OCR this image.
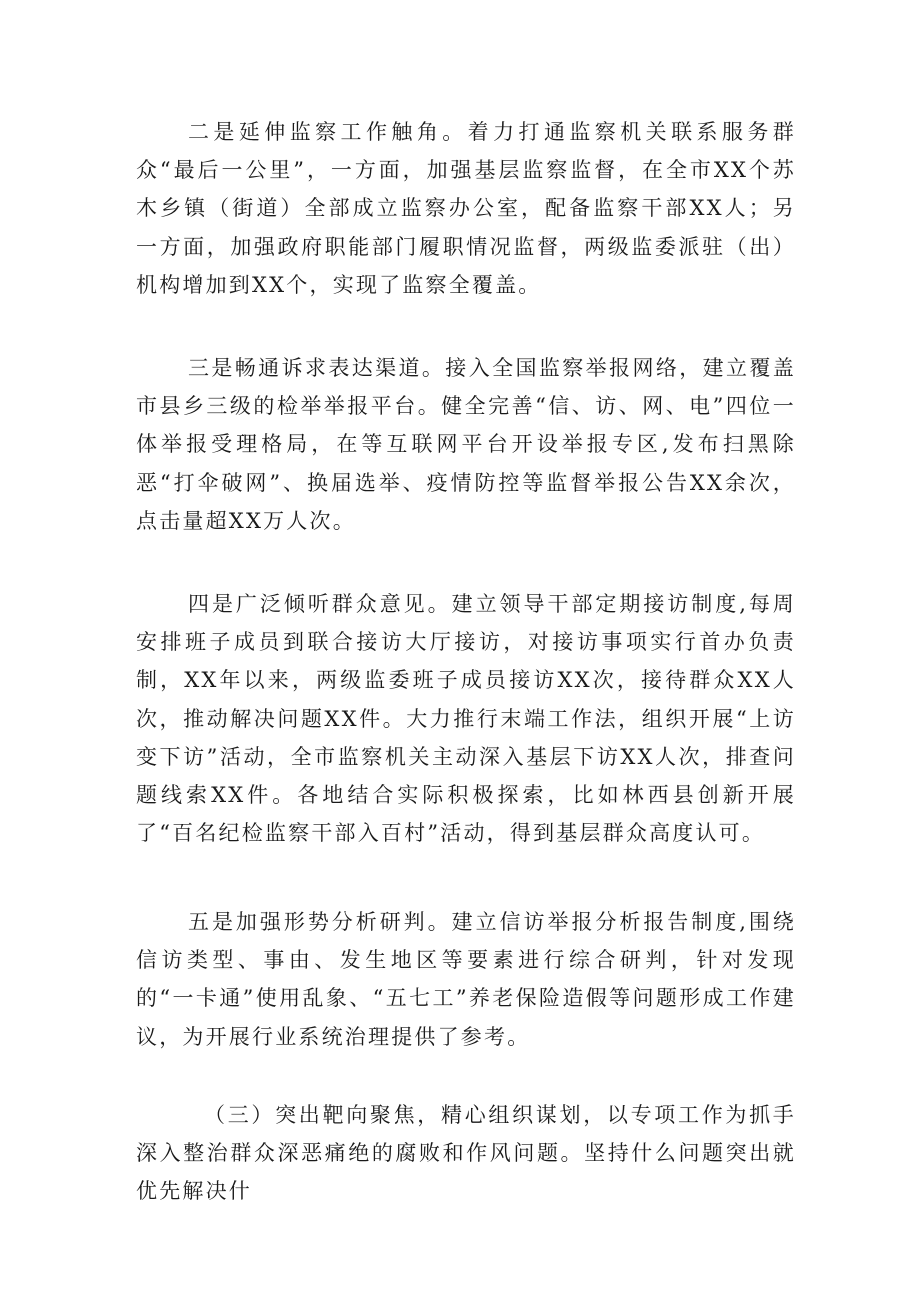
二是延伸监察工作触角。着力打通监察机关联系服务群众“最后一公里”，一方面，加强基层监察监督，在全市XX个苏木乡镇（街道）全部成立监察办公室，配备监察干部XX人；另一方面，加强政府职能部门履职情况监督，两级监委派驻（出）机构增加到XX个，实现了监察全覆盖。

三是畅通诉求表达渠道。接入全国监察举报网络，建立覆盖市县乡三级的检举举报平台。健全完善“信、访、网、电”四位一体举报受理格局，在等互联网平台开设举报专区,发布扫黑除恶“打伞破网”、换届选举、疫情防控等监督举报公告XX余次，点击量超XX万人次。

四是广泛倾听群众意见。建立领导干部定期接访制度,每周安排班子成员到联合接访大厅接访，对接访事项实行首办负责制，XX年以来，两级监委班子成员接访XX次，接待群众XX人次，推动解决问题XX件。大力推行末端工作法，组织开展“上访变下访”活动，全市监察机关主动深入基层下访XX人次，排查问题线索XX件。各地结合实际积极探索，比如林西县创新开展了“百名纪检监察干部入百村”活动，得到基层群众高度认可。

五是加强形势分析研判。建立信访举报分析报告制度,围绕信访类型、事由、发生地区等要素进行综合研判，针对发现的“一卡通”使用乱象、“五七工”养老保险造假等问题形成工作建议，为开展行业系统治理提供了参考。

（三）突出靶向聚焦，精心组织谋划，以专项工作为抓手深入整治群众深恶痛绝的腐败和作风问题。坚持什么问题突出就优先解决什
